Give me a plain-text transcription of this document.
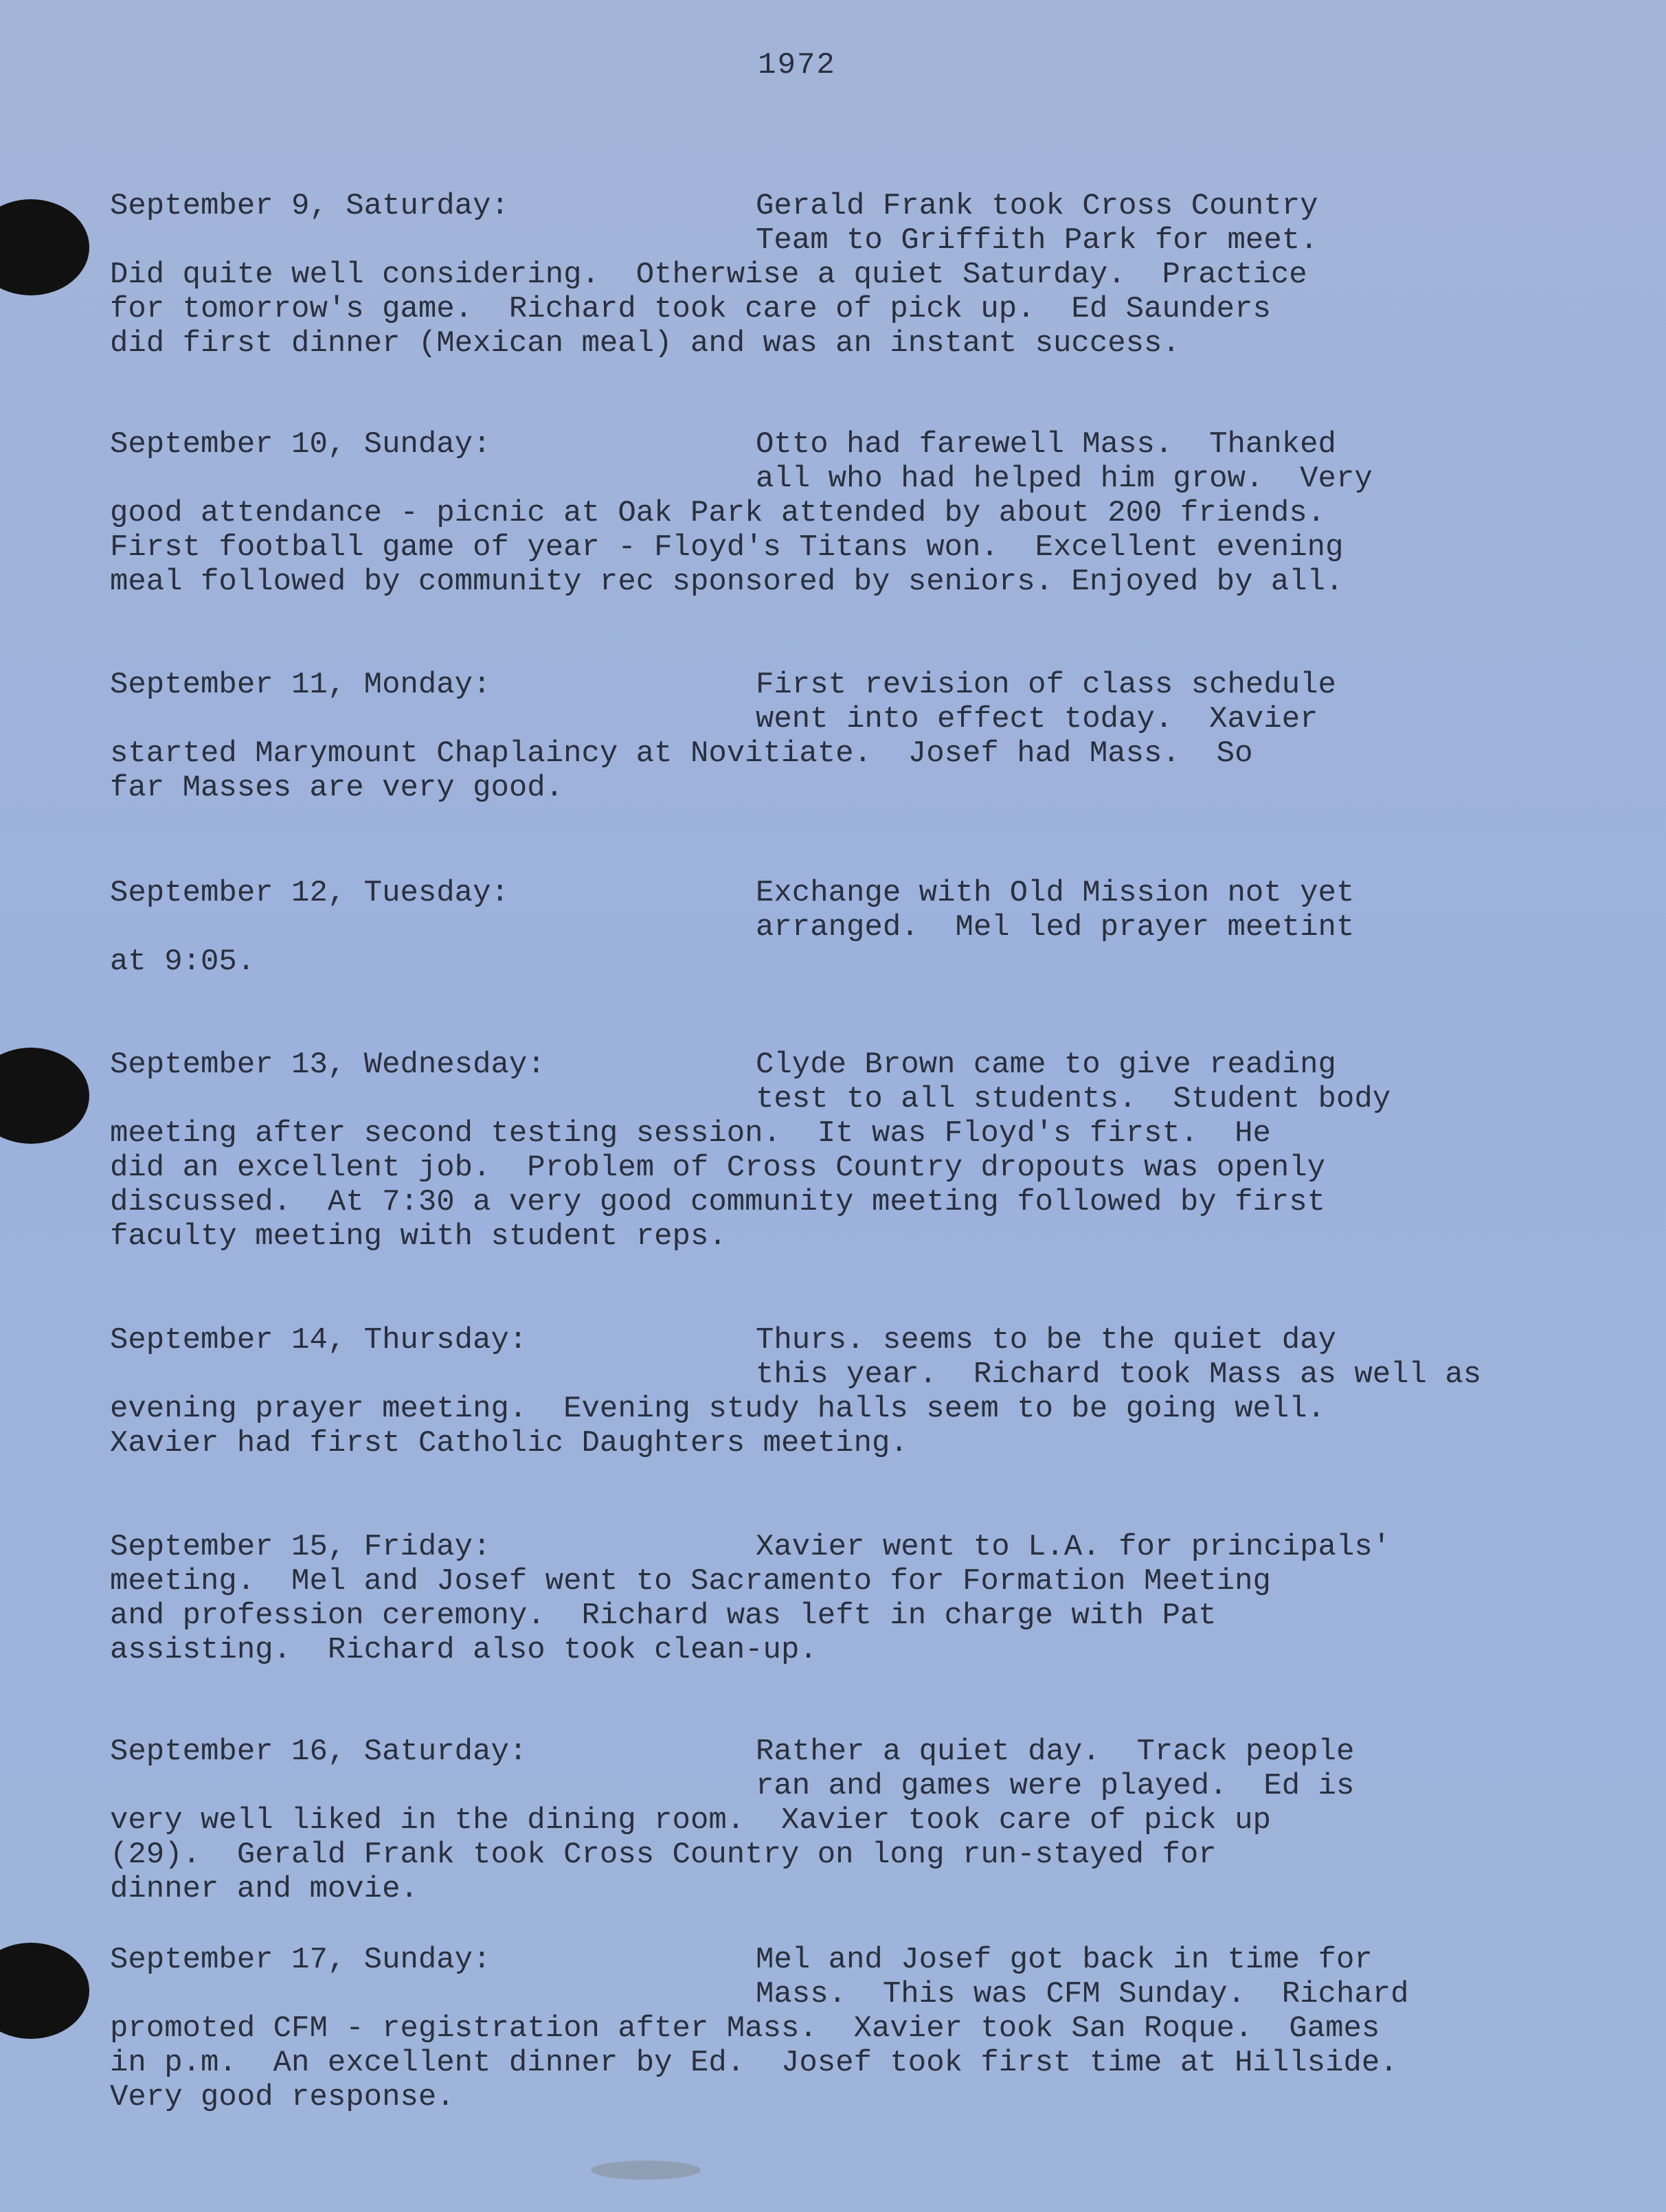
1972
September 9, Saturday:	Gerald Frank took Cross Country
Team to Griffith Park for meet.
Did quite well considering.  Otherwise a quiet Saturday.  Practice
for tomorrow's game.  Richard took care of pick up.  Ed Saunders
did first dinner (Mexican meal) and was an instant success.
September 10, Sunday:	Otto had farewell Mass.  Thanked
all who had helped him grow.  Very
good attendance - picnic at Oak Park attended by about 200 friends.
First football game of year - Floyd's Titans won.  Excellent evening
meal followed by community rec sponsored by seniors. Enjoyed by all.
September 11, Monday:	First revision of class schedule
went into effect today.  Xavier
started Marymount Chaplaincy at Novitiate.  Josef had Mass.  So
far Masses are very good.
September 12, Tuesday:	Exchange with Old Mission not yet
arranged.  Mel led prayer meetint
at 9:05.
September 13, Wednesday:	Clyde Brown came to give reading
test to all students.  Student body
meeting after second testing session.  It was Floyd's first.  He
did an excellent job.  Problem of Cross Country dropouts was openly
discussed.  At 7:30 a very good community meeting followed by first
faculty meeting with student reps.
September 14, Thursday:	Thurs. seems to be the quiet day
this year.  Richard took Mass as well as
evening prayer meeting.  Evening study halls seem to be going well.
Xavier had first Catholic Daughters meeting.
September 15, Friday:	Xavier went to L.A. for principals'
meeting.  Mel and Josef went to Sacramento for Formation Meeting
and profession ceremony.  Richard was left in charge with Pat
assisting.  Richard also took clean-up.
September 16, Saturday:	Rather a quiet day.  Track people
ran and games were played.  Ed is
very well liked in the dining room.  Xavier took care of pick up
(29).  Gerald Frank took Cross Country on long run-stayed for
dinner and movie.
September 17, Sunday:	Mel and Josef got back in time for
Mass.  This was CFM Sunday.  Richard
promoted CFM - registration after Mass.  Xavier took San Roque.  Games
in p.m.  An excellent dinner by Ed.  Josef took first time at Hillside.
Very good response.
